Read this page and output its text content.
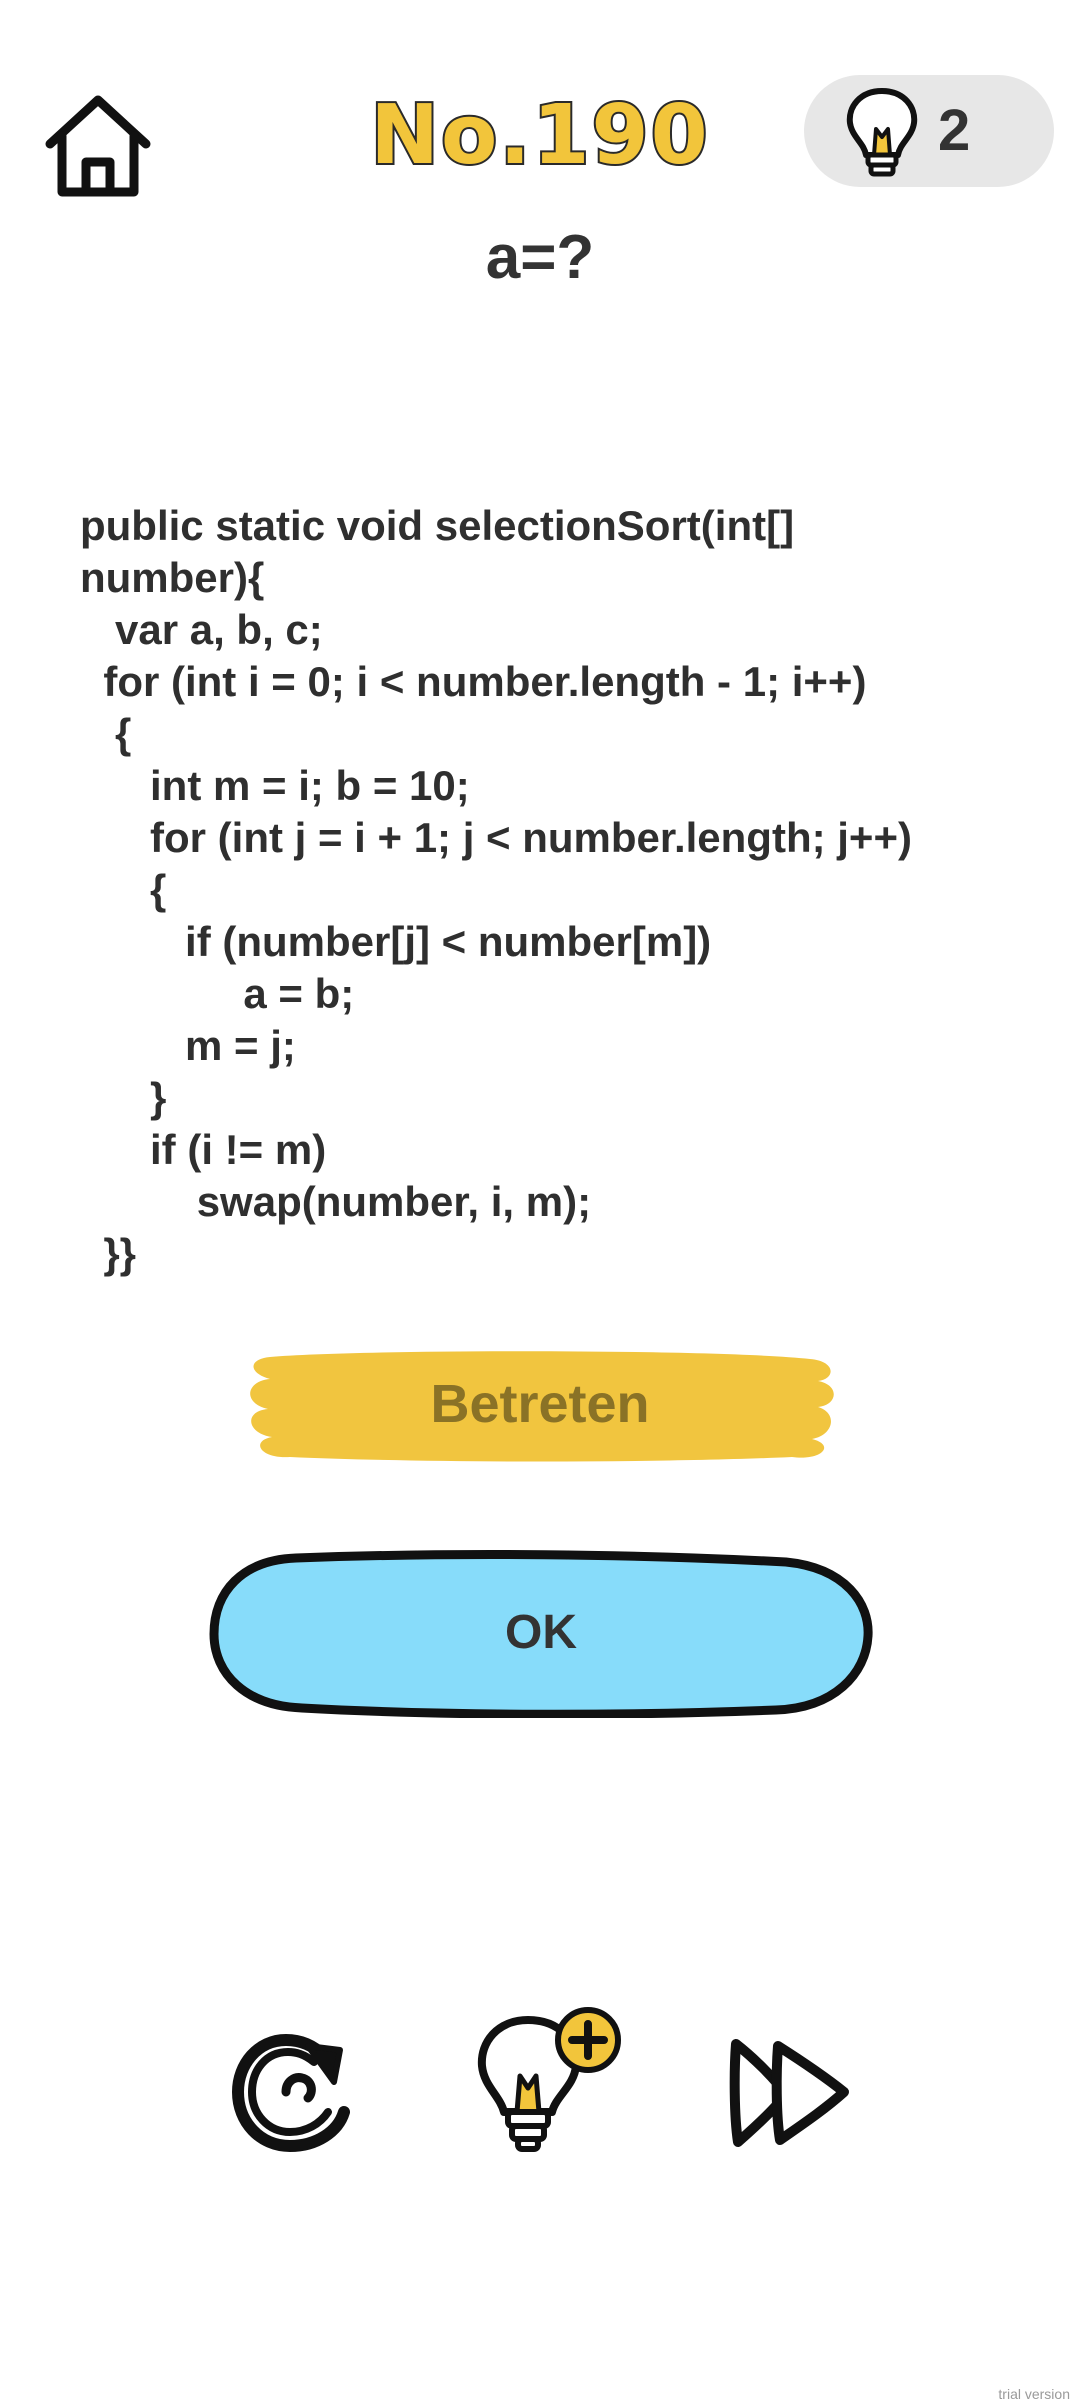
No.190	2
a=?
public static void selectionSort(int[]
number){
var a, b, c;
for (int i = 0; i < number.length - 1; i++)
{
int m = i; b = 10;
for (int j = i + 1; j < number.length; j++)
{
if (number[j] < number[m])
a = b;
m = j;
}
if (i != m)
swap(number, i, m);
}}
Betreten
OK
trial version
